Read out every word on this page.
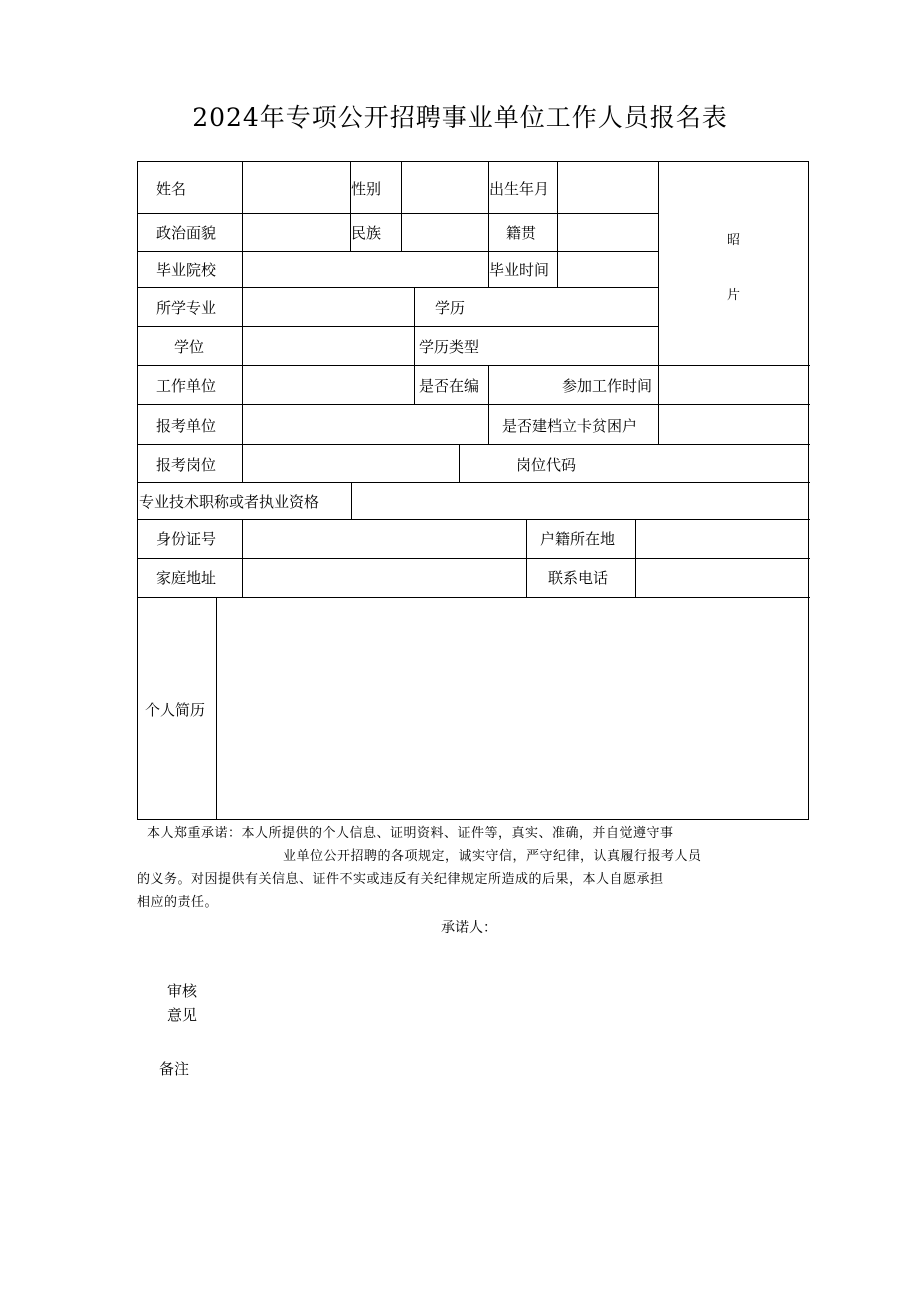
2024年专项公开招聘事业单位工作人员报名表
姓名	性别	出生年月
政治面貌	民族	籍贯
毕业院校	毕业时间
所学专业	学历
学位	学历类型
工作单位	是否在编	参加工作时间
报考单位	是否建档立卡贫困户
报考岗位	岗位代码
专业技术职称或者执业资格
身份证号	户籍所在地
家庭地址	联系电话
个人简历
昭
片

本人郑重承诺：本人所提供的个人信息、证明资料、证件等，真实、准确，并自觉遵守事

业单位公开招聘的各项规定，诚实守信，严守纪律，认真履行报考人员

的义务。对因提供有关信息、证件不实或违反有关纪律规定所造成的后果，本人自愿承担

相应的责任。

承诺人：
审核
意见
备注
